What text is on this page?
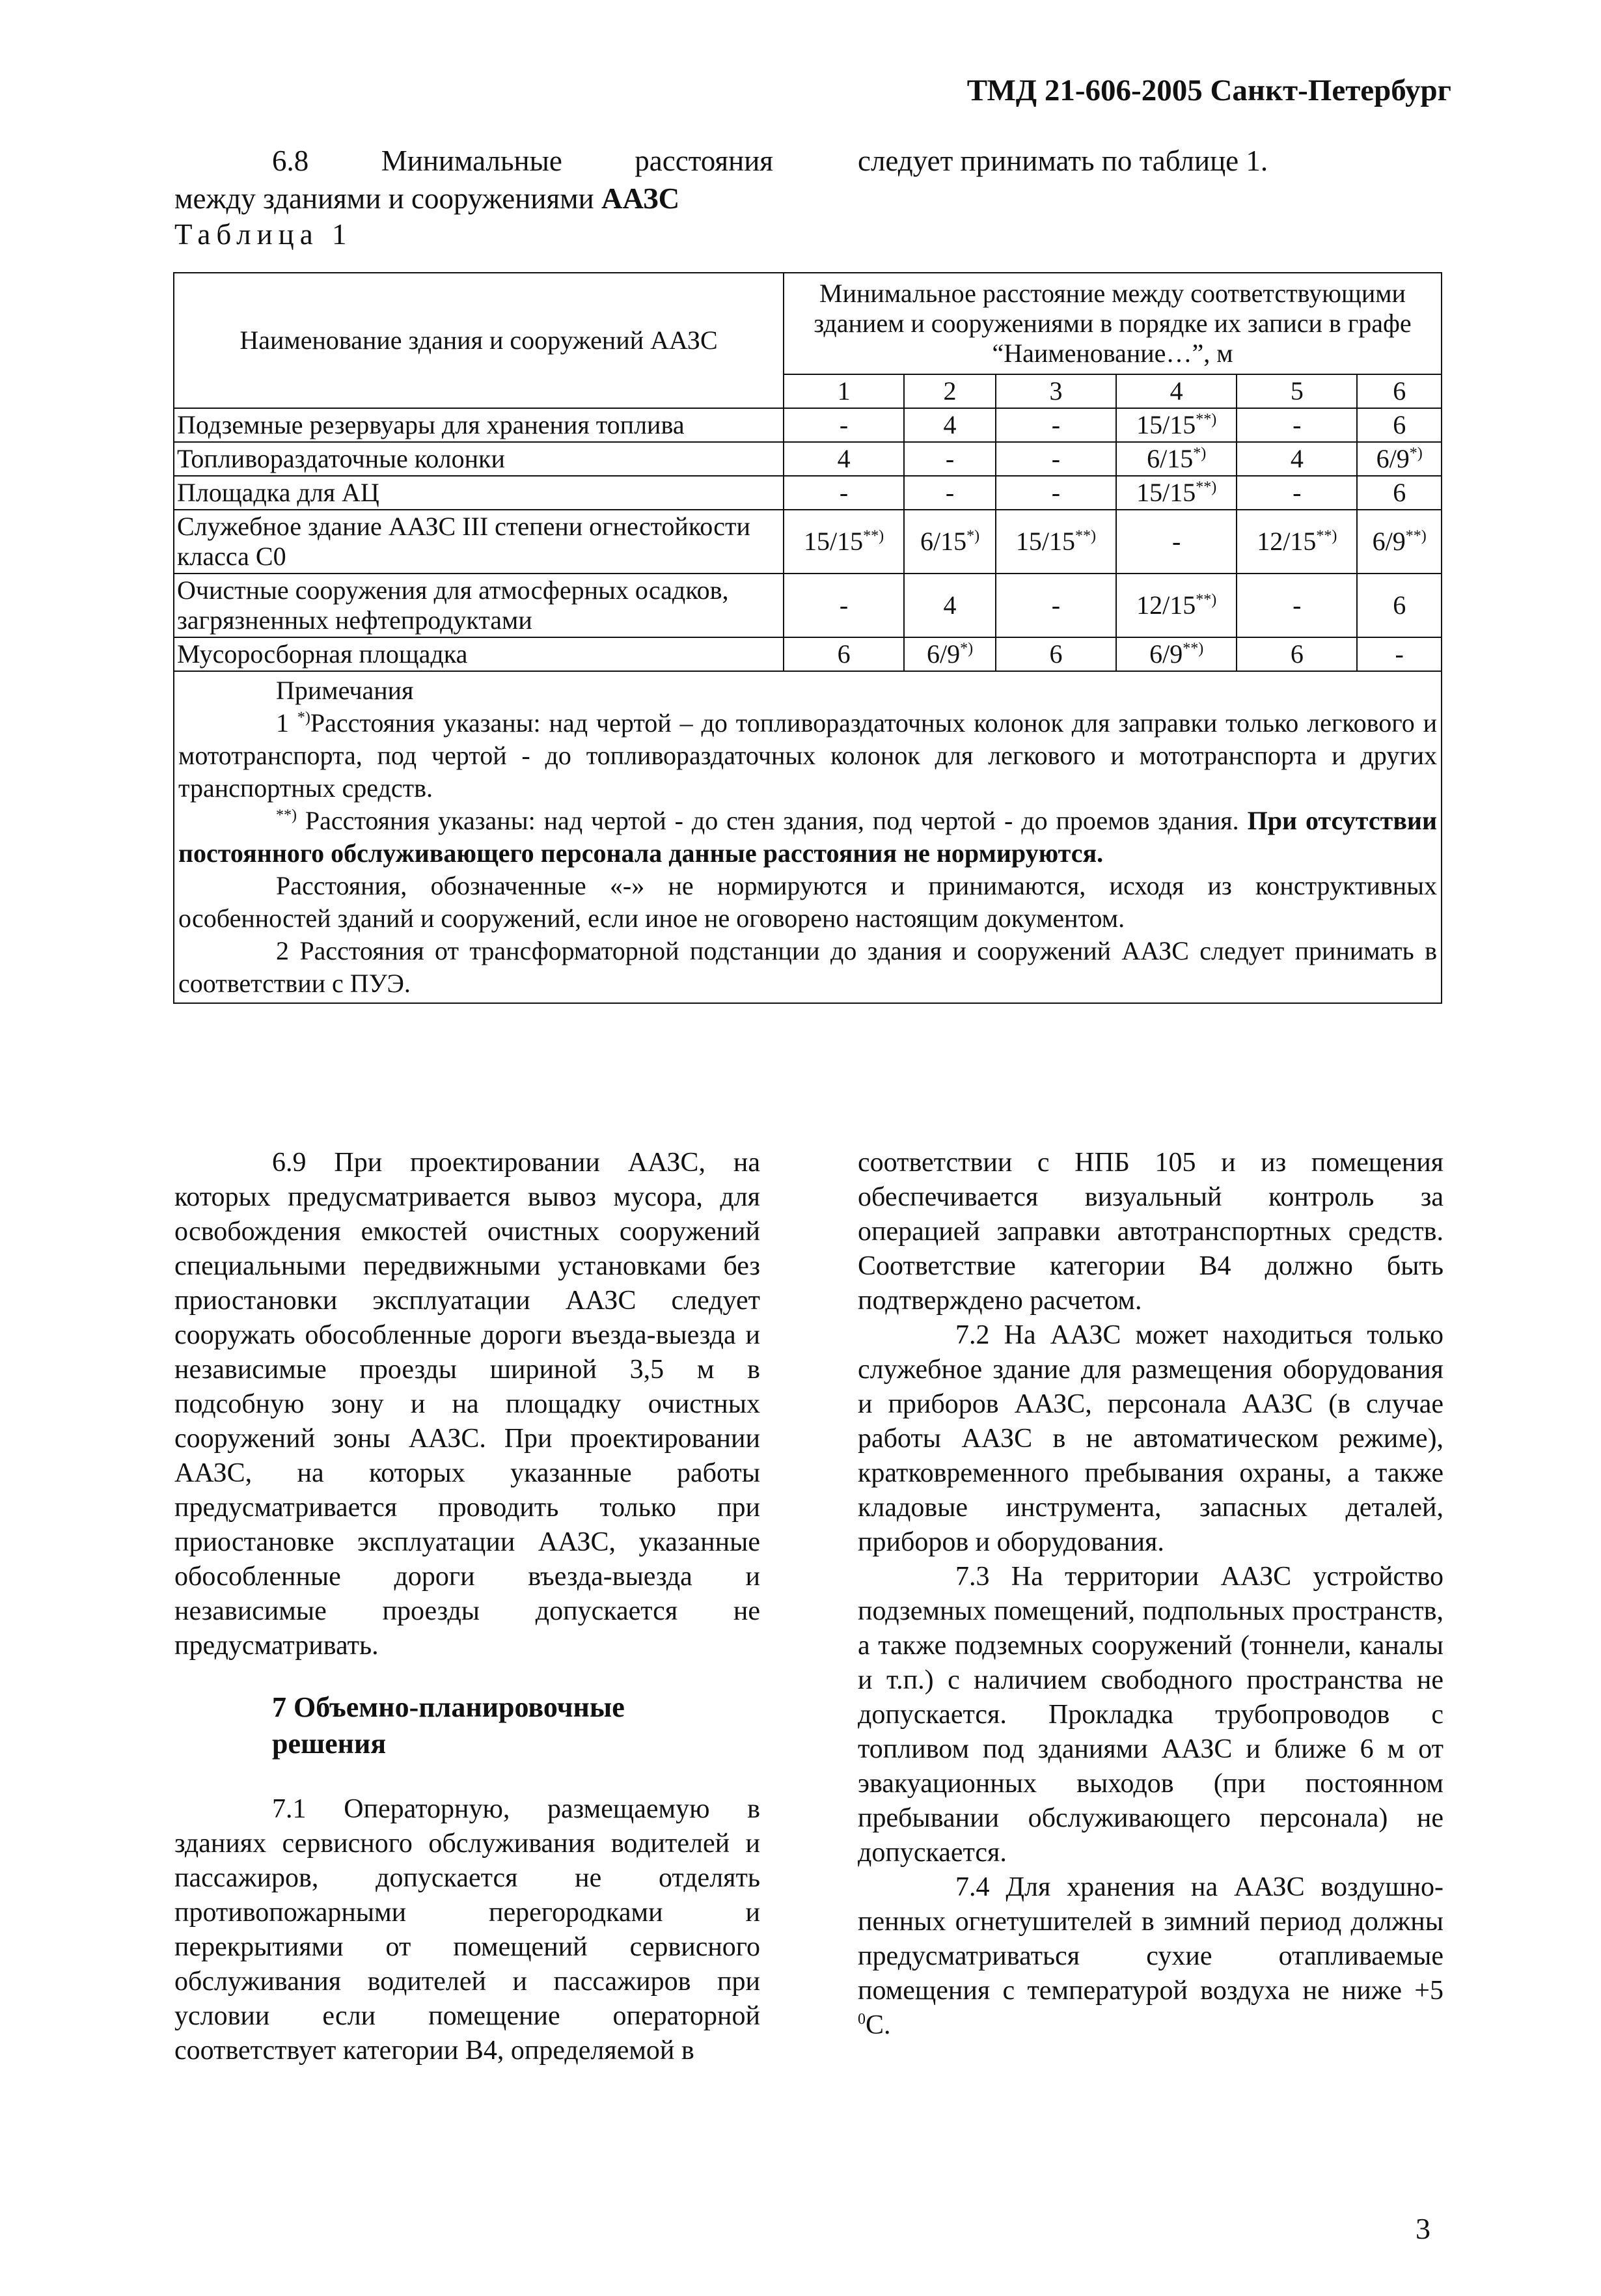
ТМД 21-606-2005 Санкт-Петербург
6.8 Минимальные расстояния
между зданиями и сооружениями ААЗС
следует принимать по таблице 1.
Таблица 1
Наименование здания и сооружений ААЗС	Минимальное расстояние между соответствующими зданием и сооружениями в порядке их записи в графе “Наименование…”, м					
	1	2	3	4	5	6
Подземные резервуары для хранения топлива	-	4	-	15/15**)	-	6
Топливораздаточные колонки	4	-	-	6/15*)	4	6/9*)
Площадка для АЦ	-	-	-	15/15**)	-	6
Служебное здание ААЗС III степени огнестойкости класса С0	15/15**)	6/15*)	15/15**)	-	12/15**)	6/9**)
Очистные сооружения для атмосферных осадков, загрязненных нефтепродуктами	-	4	-	12/15**)	-	6
Мусоросборная площадка	6	6/9*)	6	6/9**)	6	-

Примечания

1 *)Расстояния указаны: над чертой – до топливораздаточных колонок для заправки только легкового и мототранспорта, под чертой - до топливораздаточных колонок для легкового и мототранспорта и других транспортных средств.

**) Расстояния указаны: над чертой - до стен здания, под чертой - до проемов здания. При отсутствии постоянного обслуживающего персонала данные расстояния не нормируются.

Расстояния, обозначенные «-» не нормируются и принимаются, исходя из конструктивных особенностей зданий и сооружений, если иное не оговорено настоящим документом.

2 Расстояния от трансформаторной подстанции до здания и сооружений ААЗС следует принимать в соответствии с ПУЭ.						

6.9 При проектировании ААЗС, на которых предусматривается вывоз мусора, для освобождения емкостей очистных сооружений специальными передвижными установками без приостановки эксплуатации ААЗС следует сооружать обособленные дороги въезда-выезда и независимые проезды шириной 3,5 м в подсобную зону и на площадку очистных сооружений зоны ААЗС. При проектировании ААЗС, на которых указанные работы предусматривается проводить только при приостановке эксплуатации ААЗС, указанные обособленные дороги въезда-выезда и независимые проезды допускается не предусматривать.
7 Объемно-планировочные решения
7.1 Операторную, размещаемую в зданиях сервисного обслуживания водителей и пассажиров, допускается не отделять противопожарными перегородками и перекрытиями от помещений сервисного обслуживания водителей и пассажиров при условии если помещение операторной соответствует категории В4, определяемой в
соответствии с НПБ 105 и из помещения обеспечивается визуальный контроль за операцией заправки автотранспортных средств. Соответствие категории В4 должно быть подтверждено расчетом.
7.2 На ААЗС может находиться только служебное здание для размещения оборудования и приборов ААЗС, персонала ААЗС (в случае работы ААЗС в не автоматическом режиме), кратковременного пребывания охраны, а также кладовые инструмента, запасных деталей, приборов и оборудования.
7.3 На территории ААЗС устройство подземных помещений, подпольных пространств, а также подземных сооружений (тоннели, каналы и т.п.) с наличием свободного пространства не допускается. Прокладка трубопроводов с топливом под зданиями ААЗС и ближе 6 м от эвакуационных выходов (при постоянном пребывании обслуживающего персонала) не допускается.
7.4 Для хранения на ААЗС воздушно-пенных огнетушителей в зимний период должны предусматриваться сухие отапливаемые помещения с температурой воздуха не ниже +5 $^0$С.
3
